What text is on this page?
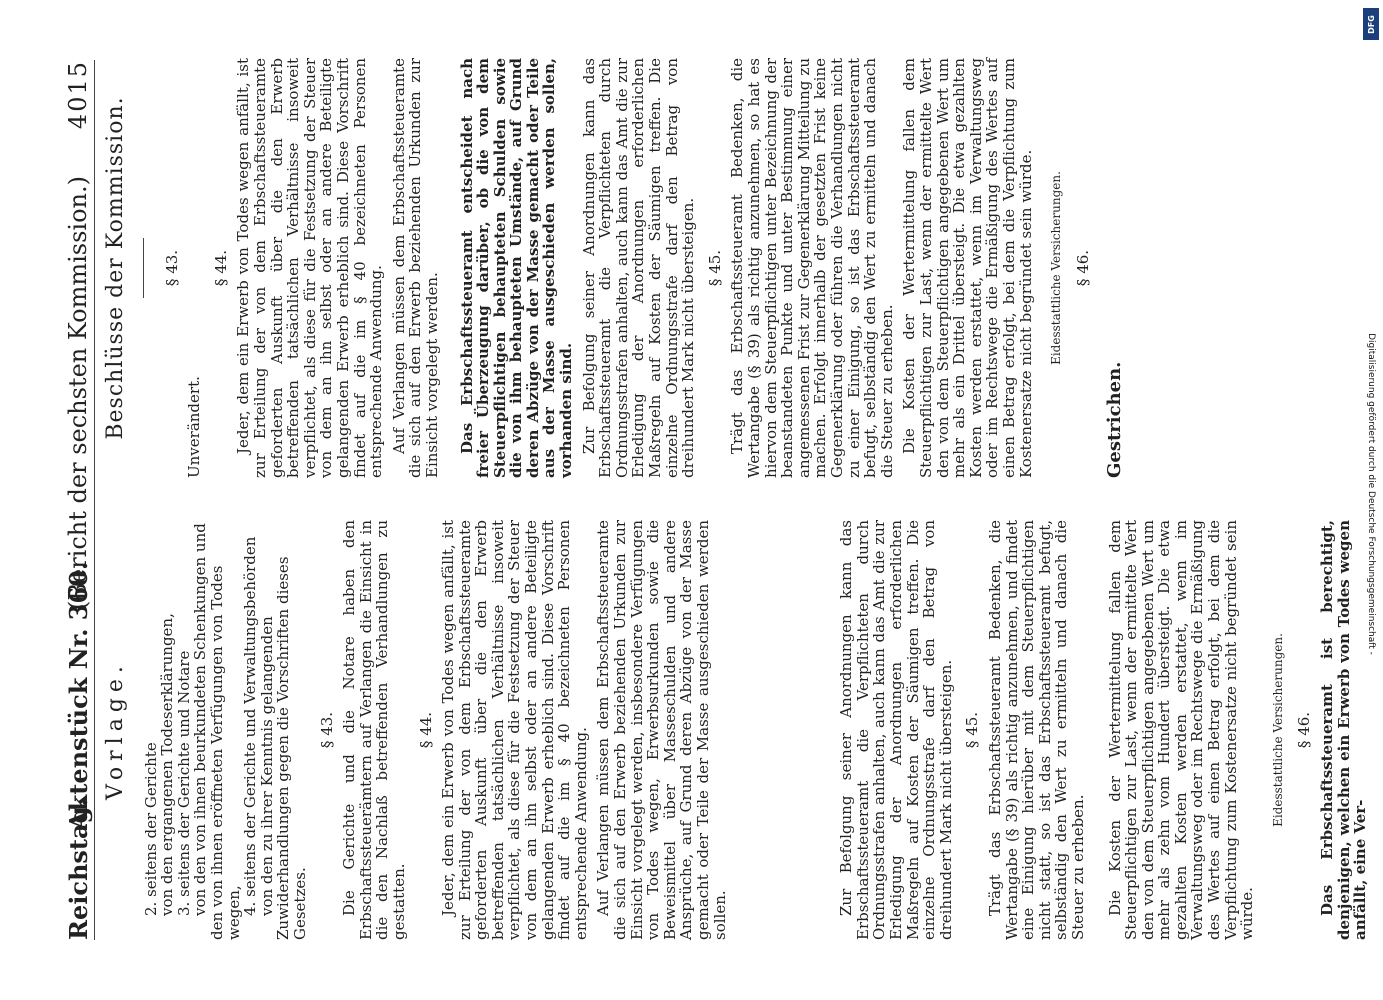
Reichstag.
Aktenstück Nr. 360.
(Bericht der sechsten Kommission.)
4015
Vorlage.

2. seitens der Gerichte

von den ergangenen Todeserklärungen,

3. seitens der Gerichte und Notare

von den von ihnen beurkundeten Schenkungen und den von ihnen eröffneten Verfügungen von Todes wegen,

4. seitens der Gerichte und Verwaltungsbehörden

von den zu ihrer Kenntnis gelangenden Zuwiderhandlungen gegen die Vorschriften dieses Gesetzes.

§ 43. Die Gerichte und die Notare haben den Erbschaftssteuerämtern auf Verlangen die Einsicht in die den Nachlaß betreffenden Verhandlungen zu gestatten.

§ 44. Jeder, dem ein Erwerb von Todes wegen anfällt, ist zur Erteilung der von dem Erbschaftssteueramte geforderten Auskunft über die den Erwerb betreffenden tatsächlichen Verhältnisse insoweit verpflichtet, als diese für die Festsetzung der Steuer von dem an ihn selbst oder an andere Beteiligte gelangenden Erwerb erheblich sind. Diese Vorschrift findet auf die im § 40 bezeichneten Personen entsprechende Anwendung. Auf Verlangen müssen dem Erbschaftssteueramte die sich auf den Erwerb beziehenden Urkunden zur Einsicht vorgelegt werden, insbesondere Verfügungen von Todes wegen, Erwerbsurkunden sowie die Beweismittel über Masseschulden und andere Ansprüche, auf Grund deren Abzüge von der Masse gemacht oder Teile der Masse ausgeschieden werden sollen.	Zur Befolgung seiner Anordnungen kann das Erbschaftssteueramt die Verpflichteten durch Ordnungsstrafen anhalten, auch kann das Amt die zur Erledigung der Anordnungen erforderlichen Maßregeln auf Kosten der Säumigen treffen. Die einzelne Ordnungsstrafe darf den Betrag von dreihundert Mark nicht übersteigen. § 45. Trägt das Erbschaftssteueramt Bedenken, die Wertangabe (§ 39) als richtig anzunehmen, und findet eine Einigung hierüber mit dem Steuerpflichtigen nicht statt, so ist das Erbschaftssteueramt befugt, selbständig den Wert zu ermitteln und danach die Steuer zu erheben. Die Kosten der Wertermittelung fallen dem Steuerpflichtigen zur Last, wenn der ermittelte Wert den von dem Steuerpflichtigen angegebenen Wert um mehr als zehn vom Hundert übersteigt. Die etwa gezahlten Kosten werden erstattet, wenn im Verwaltungsweg oder im Rechtswege die Ermäßigung des Wertes auf einen Betrag erfolgt, bei dem die Verpflichtung zum Kostenersatze nicht begründet sein würde.

Eidesstattliche Versicherungen. § 46. Das Erbschaftssteueramt ist berechtigt, denjenigen, welchen ein Erwerb von Todes wegen anfällt, eine Ver-

Beschlüsse der Kommission. § 43.

Unverändert.

§ 44. Jeder, dem ein Erwerb von Todes wegen anfällt, ist zur Erteilung der von dem Erbschaftssteueramte geforderten Auskunft über die den Erwerb betreffenden tatsächlichen Verhältnisse insoweit verpflichtet, als diese für die Festsetzung der Steuer von dem an ihn selbst oder an andere Beteiligte gelangenden Erwerb erheblich sind. Diese Vorschrift findet auf die im § 40 bezeichneten Personen entsprechende Anwendung. Auf Verlangen müssen dem Erbschaftssteueramte die sich auf den Erwerb beziehenden Urkunden zur Einsicht vorgelegt werden. Das Erbschaftssteueramt entscheidet nach freier Überzeugung darüber, ob die von dem Steuerpflichtigen behaupteten Schulden sowie die von ihm behaupteten Umstände, auf Grund deren Abzüge von der Masse gemacht oder Teile aus der Masse ausgeschieden werden sollen, vorhanden sind. Zur Befolgung seiner Anordnungen kann das Erbschaftssteueramt die Verpflichteten durch Ordnungsstrafen anhalten, auch kann das Amt die zur Erledigung der Anordnungen erforderlichen Maßregeln auf Kosten der Säumigen treffen. Die einzelne Ordnungsstrafe darf den Betrag von dreihundert Mark nicht übersteigen. § 45. Trägt das Erbschaftssteueramt Bedenken, die Wertangabe (§ 39) als richtig anzunehmen, so hat es hiervon dem Steuerpflichtigen unter Bezeichnung der beanstandeten Punkte und unter Bestimmung einer angemessenen Frist zur Gegenerklärung Mitteilung zu machen. Erfolgt innerhalb der gesetzten Frist keine Gegenerklärung oder führen die Verhandlungen nicht zu einer Einigung, so ist das Erbschaftssteueramt befugt, selbständig den Wert zu ermitteln und danach die Steuer zu erheben. Die Kosten der Wertermittelung fallen dem Steuerpflichtigen zur Last, wenn der ermittelte Wert den von dem Steuerpflichtigen angegebenen Wert um mehr als ein Drittel übersteigt. Die etwa gezahlten Kosten werden erstattet, wenn im Verwaltungsweg oder im Rechtswege die Ermäßigung des Wertes auf einen Betrag erfolgt, bei dem die Verpflichtung zum Kostenersatze nicht begründet sein würde. Eidesstattliche Versicherungen. § 46.

Gestrichen.

DFG
Digitalisierung gefördert durch die Deutsche Forschungsgemeinschaft -
